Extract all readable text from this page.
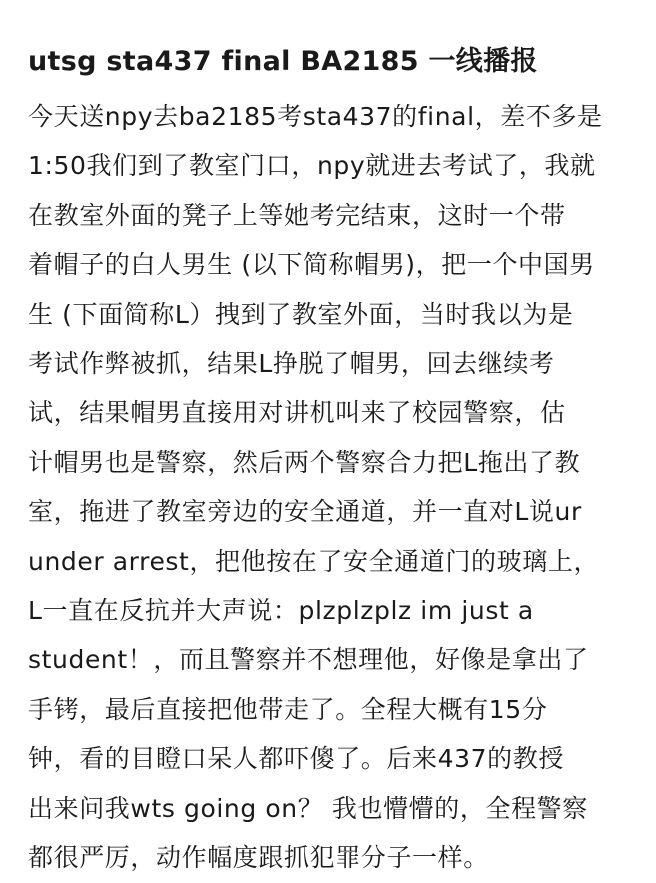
utsg sta437 final BA2185 一线播报
今天送npy去ba2185考sta437的final，差不多是
1:50我们到了教室门口，npy就进去考试了，我就
在教室外面的凳子上等她考完结束，这时一个带
着帽子的白人男生 (以下简称帽男)，把一个中国男
生 (下面简称L）拽到了教室外面，当时我以为是
考试作弊被抓，结果L挣脱了帽男，回去继续考
试，结果帽男直接用对讲机叫来了校园警察，估
计帽男也是警察，然后两个警察合力把L拖出了教
室，拖进了教室旁边的安全通道，并一直对L说ur
under arrest，把他按在了安全通道门的玻璃上，
L一直在反抗并大声说：plzplzplz im just a
student！，而且警察并不想理他，好像是拿出了
手铐，最后直接把他带走了。全程大概有15分
钟，看的目瞪口呆人都吓傻了。后来437的教授
出来问我wts going on？ 我也懵懵的，全程警察
都很严厉，动作幅度跟抓犯罪分子一样。
